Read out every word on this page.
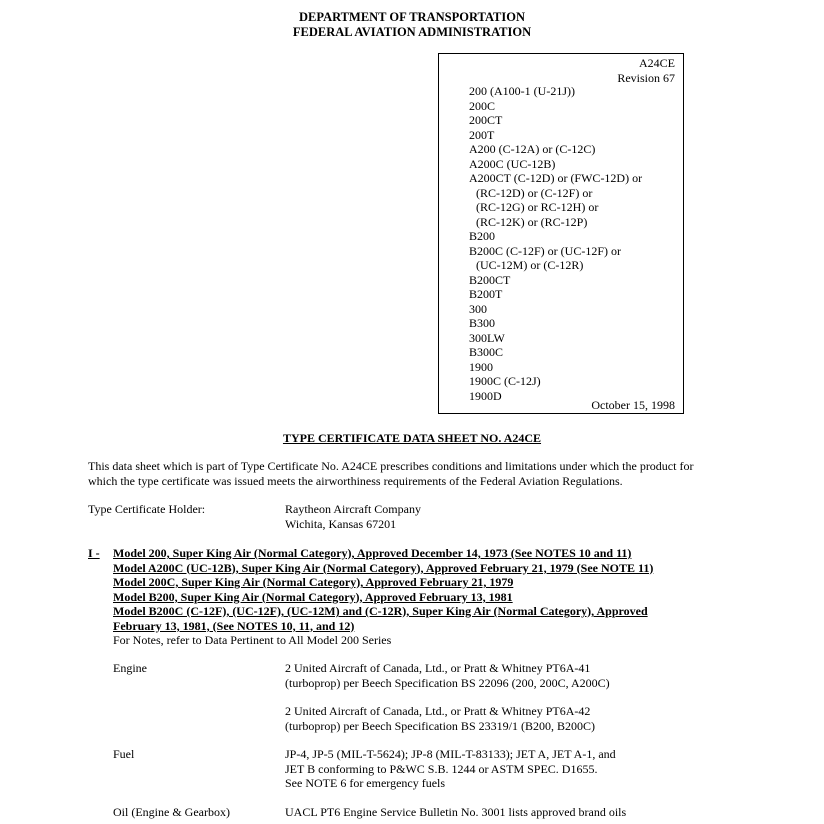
DEPARTMENT OF TRANSPORTATION
FEDERAL AVIATION ADMINISTRATION
A24CE
Revision 67
200 (A100-1 (U-21J))
200C
200CT
200T
A200 (C-12A) or (C-12C)
A200C (UC-12B)
A200CT (C-12D) or (FWC-12D) or
(RC-12D) or (C-12F) or
(RC-12G) or RC-12H) or
(RC-12K) or (RC-12P)
B200
B200C (C-12F) or (UC-12F) or
(UC-12M) or (C-12R)
B200CT
B200T
300
B300
300LW
B300C
1900
1900C (C-12J)
1900D
October 15, 1998
TYPE CERTIFICATE DATA SHEET NO. A24CE
This data sheet which is part of Type Certificate No. A24CE prescribes conditions and limitations under which the product for
which the type certificate was issued meets the airworthiness requirements of the Federal Aviation Regulations.
Type Certificate Holder:	Raytheon Aircraft Company
Wichita, Kansas 67201
I - Model 200, Super King Air (Normal Category), Approved December 14, 1973 (See NOTES 10 and 11)
Model A200C (UC-12B), Super King Air (Normal Category), Approved February 21, 1979 (See NOTE 11)
Model 200C, Super King Air (Normal Category), Approved February 21, 1979
Model B200, Super King Air (Normal Category), Approved February 13, 1981
Model B200C (C-12F), (UC-12F), (UC-12M) and (C-12R), Super King Air (Normal Category), Approved
February 13, 1981, (See NOTES 10, 11, and 12)
For Notes, refer to Data Pertinent to All Model 200 Series
Engine	2 United Aircraft of Canada, Ltd., or Pratt & Whitney PT6A-41
(turboprop) per Beech Specification BS 22096 (200, 200C, A200C)
2 United Aircraft of Canada, Ltd., or Pratt & Whitney PT6A-42
(turboprop) per Beech Specification BS 23319/1 (B200, B200C)
Fuel	JP-4, JP-5 (MIL-T-5624); JP-8 (MIL-T-83133); JET A, JET A-1, and
JET B conforming to P&WC S.B. 1244 or ASTM SPEC. D1655.
See NOTE 6 for emergency fuels
Oil (Engine & Gearbox)	UACL PT6 Engine Service Bulletin No. 3001 lists approved brand oils
